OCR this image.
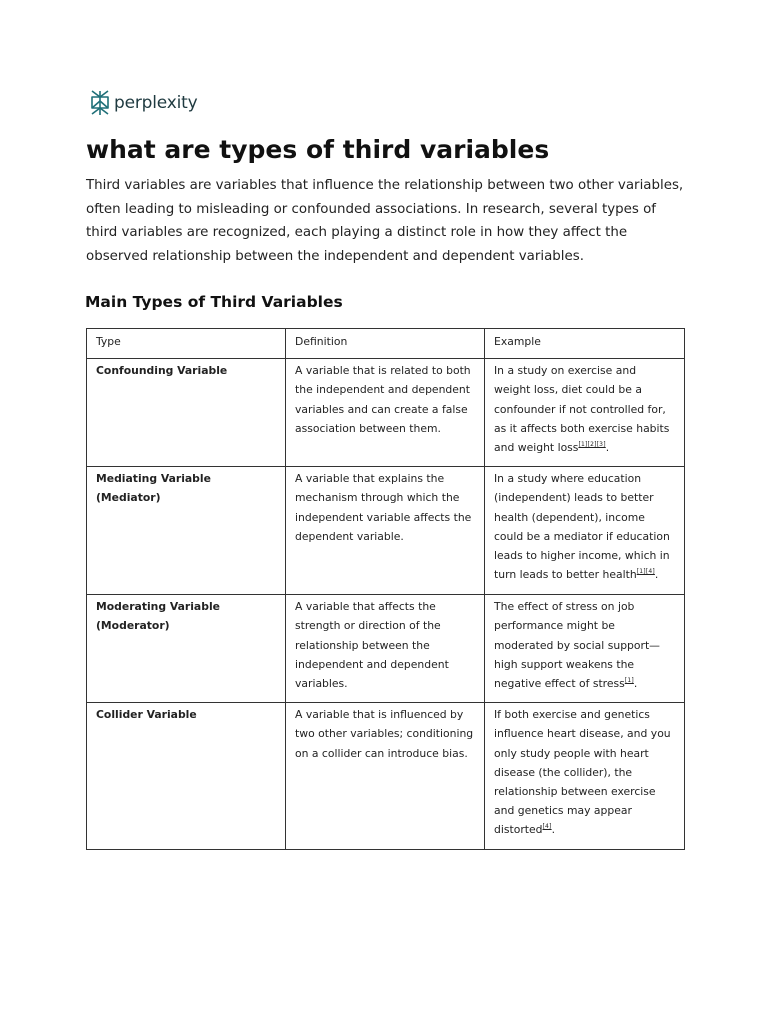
perplexity
what are types of third variables

Third variables are variables that influence the relationship between two other variables, often leading to misleading or confounded associations. In research, several types of third variables are recognized, each playing a distinct role in how they affect the observed relationship between the independent and dependent variables.

Main Types of Third Variables
Type	Definition	Example
Confounding Variable	A variable that is related to both the independent and dependent variables and can create a false association between them.	In a study on exercise and weight loss, diet could be a confounder if not controlled for, as it affects both exercise habits and weight loss[1][2][3].
Mediating Variable (Mediator)	A variable that explains the mechanism through which the independent variable affects the dependent variable.	In a study where education (independent) leads to better health (dependent), income could be a mediator if education leads to higher income, which in turn leads to better health[1][4].
Moderating Variable (Moderator)	A variable that affects the strength or direction of the relationship between the independent and dependent variables.	The effect of stress on job performance might be moderated by social support—high support weakens the negative effect of stress[1].
Collider Variable	A variable that is influenced by two other variables; conditioning on a collider can introduce bias.	If both exercise and genetics influence heart disease, and you only study people with heart disease (the collider), the relationship between exercise and genetics may appear distorted[4].
